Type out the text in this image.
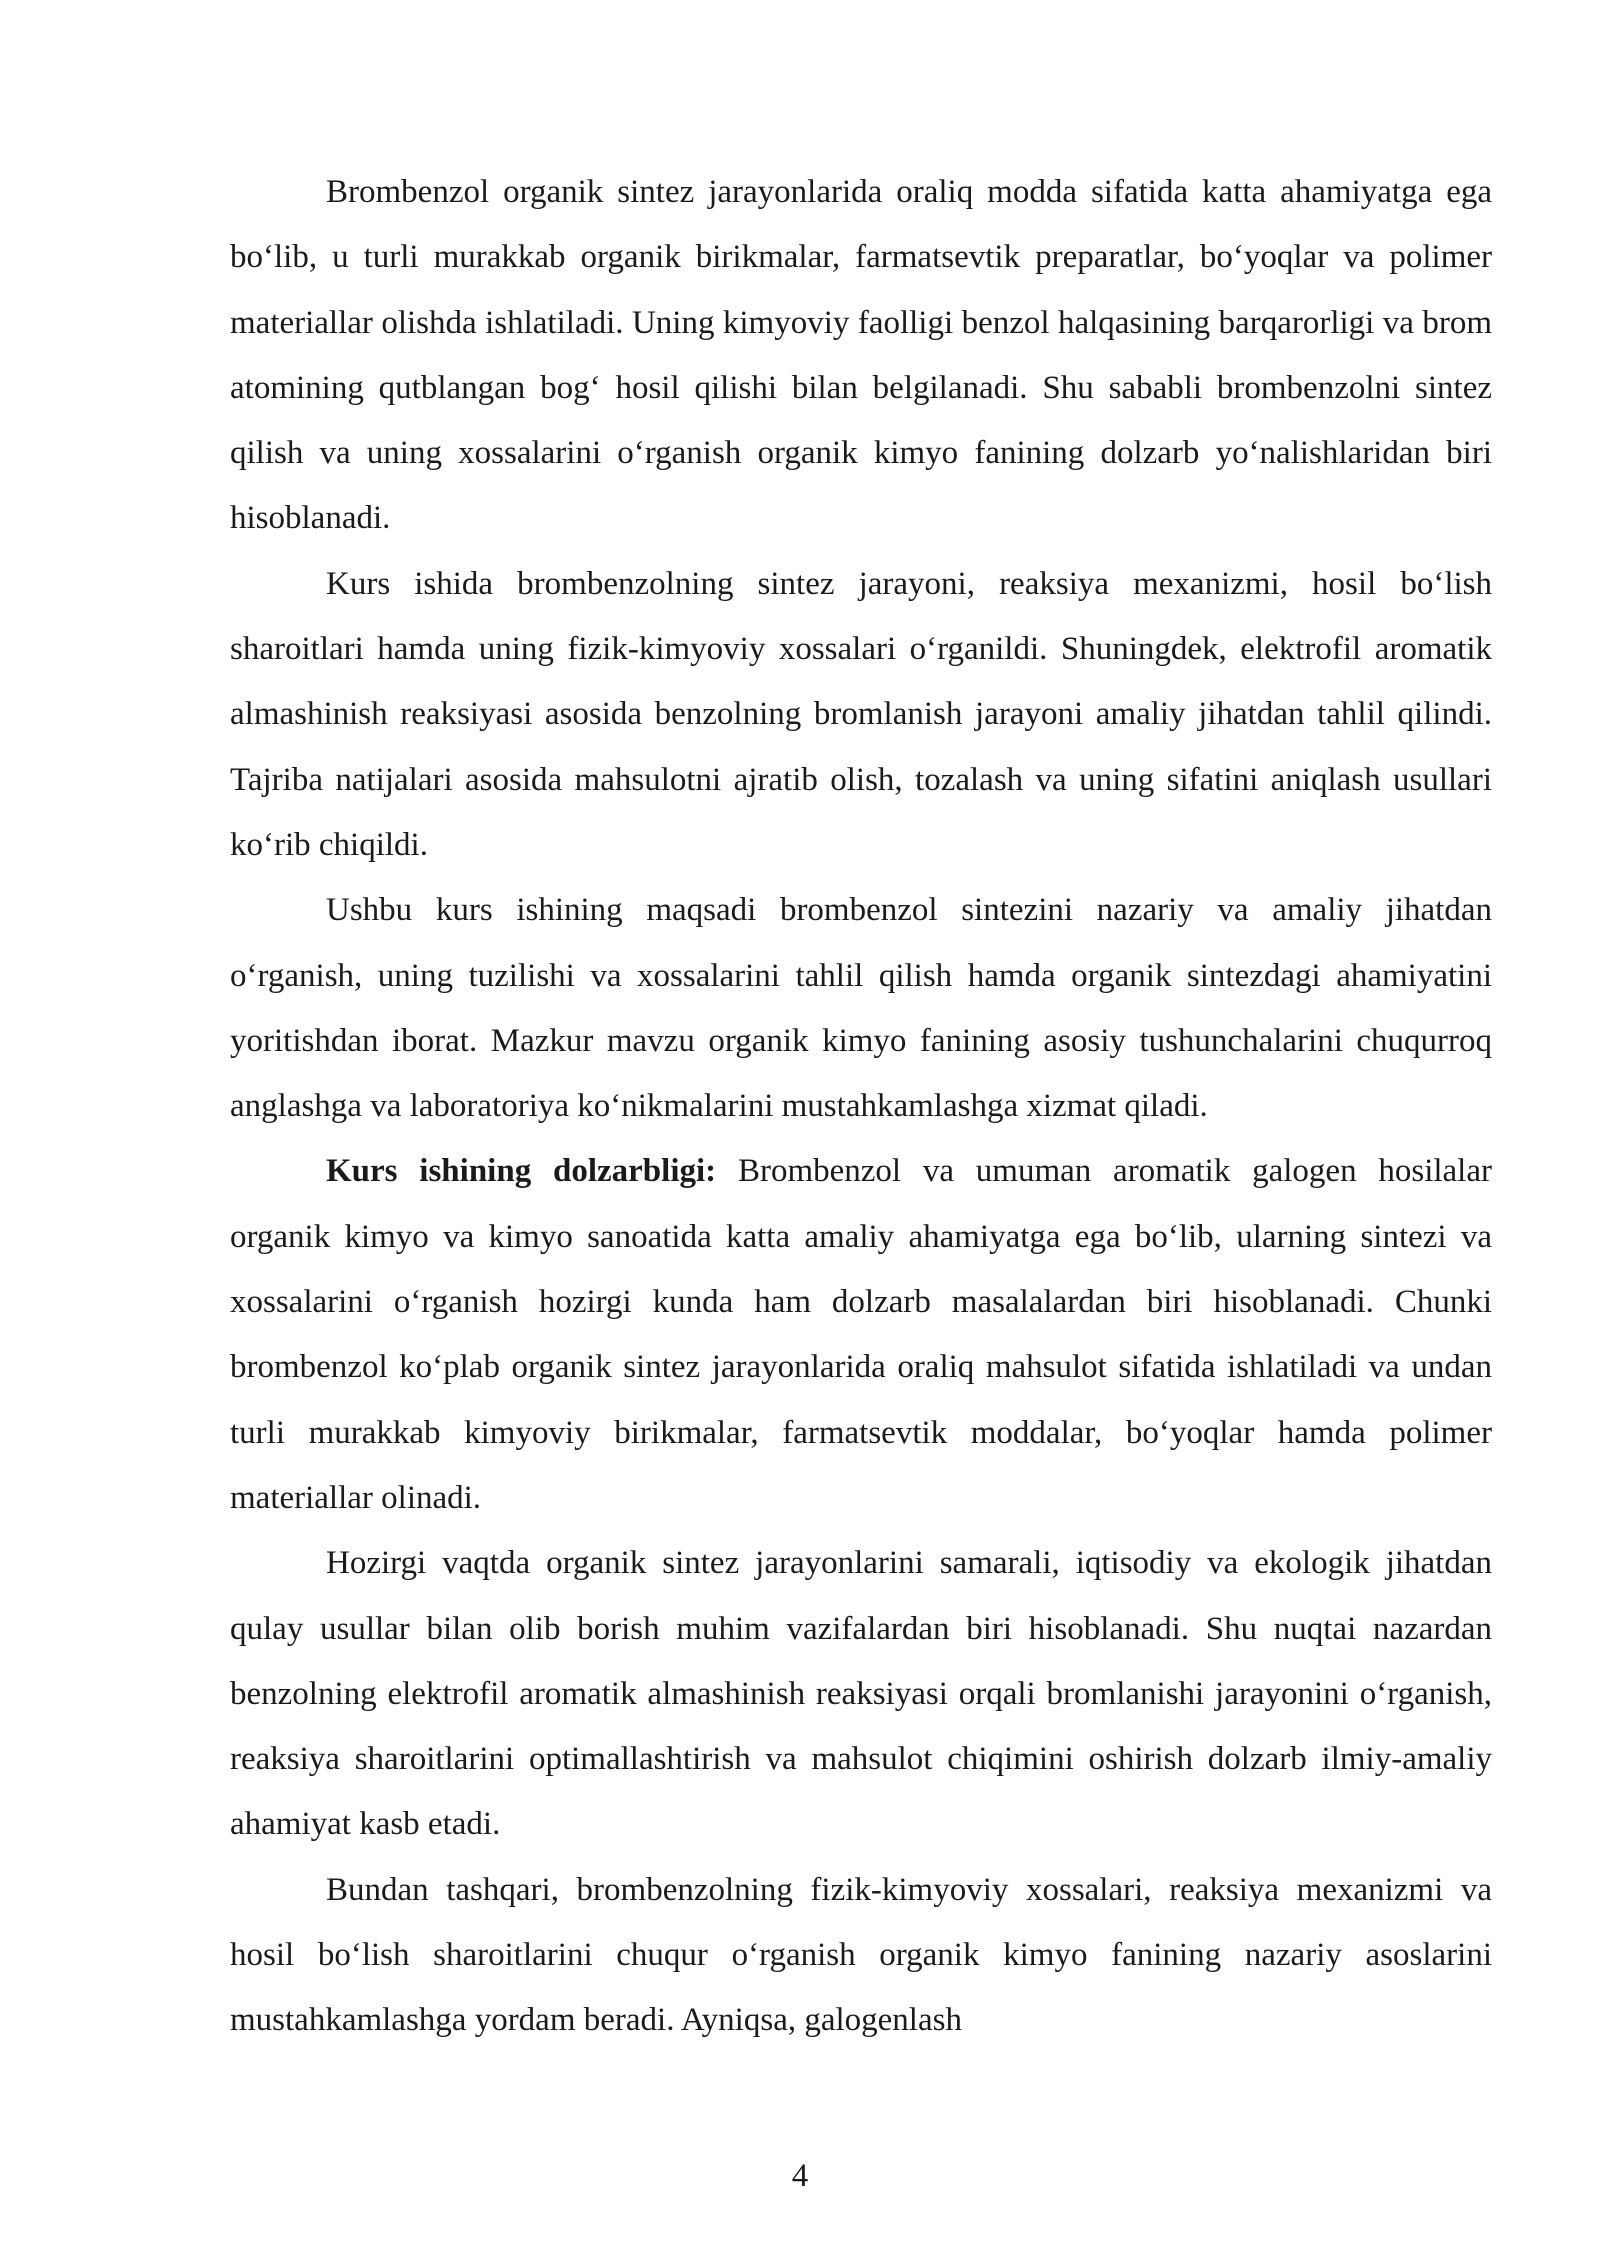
Brombenzol organik sintez jarayonlarida oraliq modda sifatida katta ahamiyatga ega bo‘lib, u turli murakkab organik birikmalar, farmatsevtik preparatlar, bo‘yoqlar va polimer materiallar olishda ishlatiladi. Uning kimyoviy faolligi benzol halqasining barqarorligi va brom atomining qutblangan bog‘ hosil qilishi bilan belgilanadi. Shu sababli brombenzolni sintez qilish va uning xossalarini o‘rganish organik kimyo fanining dolzarb yo‘nalishlaridan biri hisoblanadi.

Kurs ishida brombenzolning sintez jarayoni, reaksiya mexanizmi, hosil bo‘lish sharoitlari hamda uning fizik-kimyoviy xossalari o‘rganildi. Shuningdek, elektrofil aromatik almashinish reaksiyasi asosida benzolning bromlanish jarayoni amaliy jihatdan tahlil qilindi. Tajriba natijalari asosida mahsulotni ajratib olish, tozalash va uning sifatini aniqlash usullari ko‘rib chiqildi.

Ushbu kurs ishining maqsadi brombenzol sintezini nazariy va amaliy jihatdan o‘rganish, uning tuzilishi va xossalarini tahlil qilish hamda organik sintezdagi ahamiyatini yoritishdan iborat. Mazkur mavzu organik kimyo fanining asosiy tushunchalarini chuqurroq anglashga va laboratoriya ko‘nikmalarini mustahkamlashga xizmat qiladi.

Kurs ishining dolzarbligi: Brombenzol va umuman aromatik galogen hosilalar organik kimyo va kimyo sanoatida katta amaliy ahamiyatga ega bo‘lib, ularning sintezi va xossalarini o‘rganish hozirgi kunda ham dolzarb masalalardan biri hisoblanadi. Chunki brombenzol ko‘plab organik sintez jarayonlarida oraliq mahsulot sifatida ishlatiladi va undan turli murakkab kimyoviy birikmalar, farmatsevtik moddalar, bo‘yoqlar hamda polimer materiallar olinadi.

Hozirgi vaqtda organik sintez jarayonlarini samarali, iqtisodiy va ekologik jihatdan qulay usullar bilan olib borish muhim vazifalardan biri hisoblanadi. Shu nuqtai nazardan benzolning elektrofil aromatik almashinish reaksiyasi orqali bromlanishi jarayonini o‘rganish, reaksiya sharoitlarini optimallashtirish va mahsulot chiqimini oshirish dolzarb ilmiy-amaliy ahamiyat kasb etadi.

Bundan tashqari, brombenzolning fizik-kimyoviy xossalari, reaksiya mexanizmi va hosil bo‘lish sharoitlarini chuqur o‘rganish organik kimyo fanining nazariy asoslarini mustahkamlashga yordam beradi. Ayniqsa, galogenlash

4
